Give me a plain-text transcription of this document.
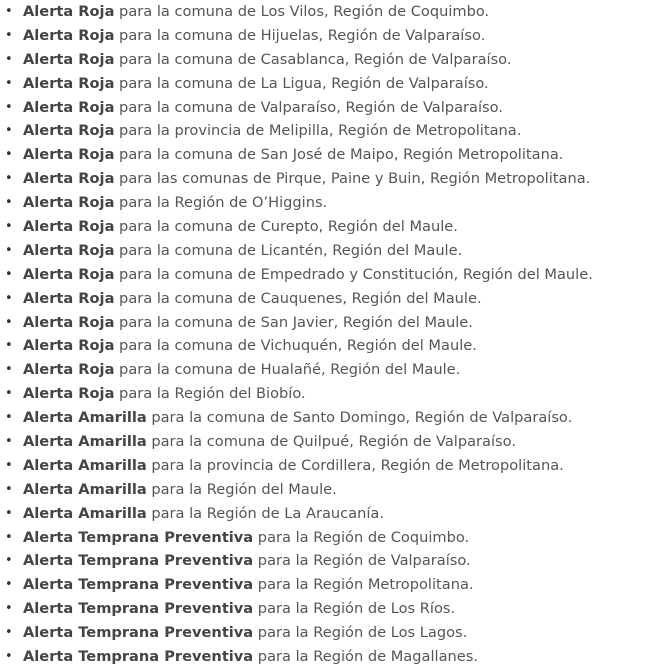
• Alerta Roja para la comuna de Los Vilos, Región de Coquimbo.
• Alerta Roja para la comuna de Hijuelas, Región de Valparaíso.
• Alerta Roja para la comuna de Casablanca, Región de Valparaíso.
• Alerta Roja para la comuna de La Ligua, Región de Valparaíso.
• Alerta Roja para la comuna de Valparaíso, Región de Valparaíso.
• Alerta Roja para la provincia de Melipilla, Región de Metropolitana.
• Alerta Roja para la comuna de San José de Maipo, Región Metropolitana.
• Alerta Roja para las comunas de Pirque, Paine y Buin, Región Metropolitana.
• Alerta Roja para la Región de O’Higgins.
• Alerta Roja para la comuna de Curepto, Región del Maule.
• Alerta Roja para la comuna de Licantén, Región del Maule.
• Alerta Roja para la comuna de Empedrado y Constitución, Región del Maule.
• Alerta Roja para la comuna de Cauquenes, Región del Maule.
• Alerta Roja para la comuna de San Javier, Región del Maule.
• Alerta Roja para la comuna de Vichuquén, Región del Maule.
• Alerta Roja para la comuna de Hualañé, Región del Maule.
• Alerta Roja para la Región del Biobío.
• Alerta Amarilla para la comuna de Santo Domingo, Región de Valparaíso.
• Alerta Amarilla para la comuna de Quilpué, Región de Valparaíso.
• Alerta Amarilla para la provincia de Cordillera, Región de Metropolitana.
• Alerta Amarilla para la Región del Maule.
• Alerta Amarilla para la Región de La Araucanía.
• Alerta Temprana Preventiva para la Región de Coquimbo.
• Alerta Temprana Preventiva para la Región de Valparaíso.
• Alerta Temprana Preventiva para la Región Metropolitana.
• Alerta Temprana Preventiva para la Región de Los Ríos.
• Alerta Temprana Preventiva para la Región de Los Lagos.
• Alerta Temprana Preventiva para la Región de Magallanes.
